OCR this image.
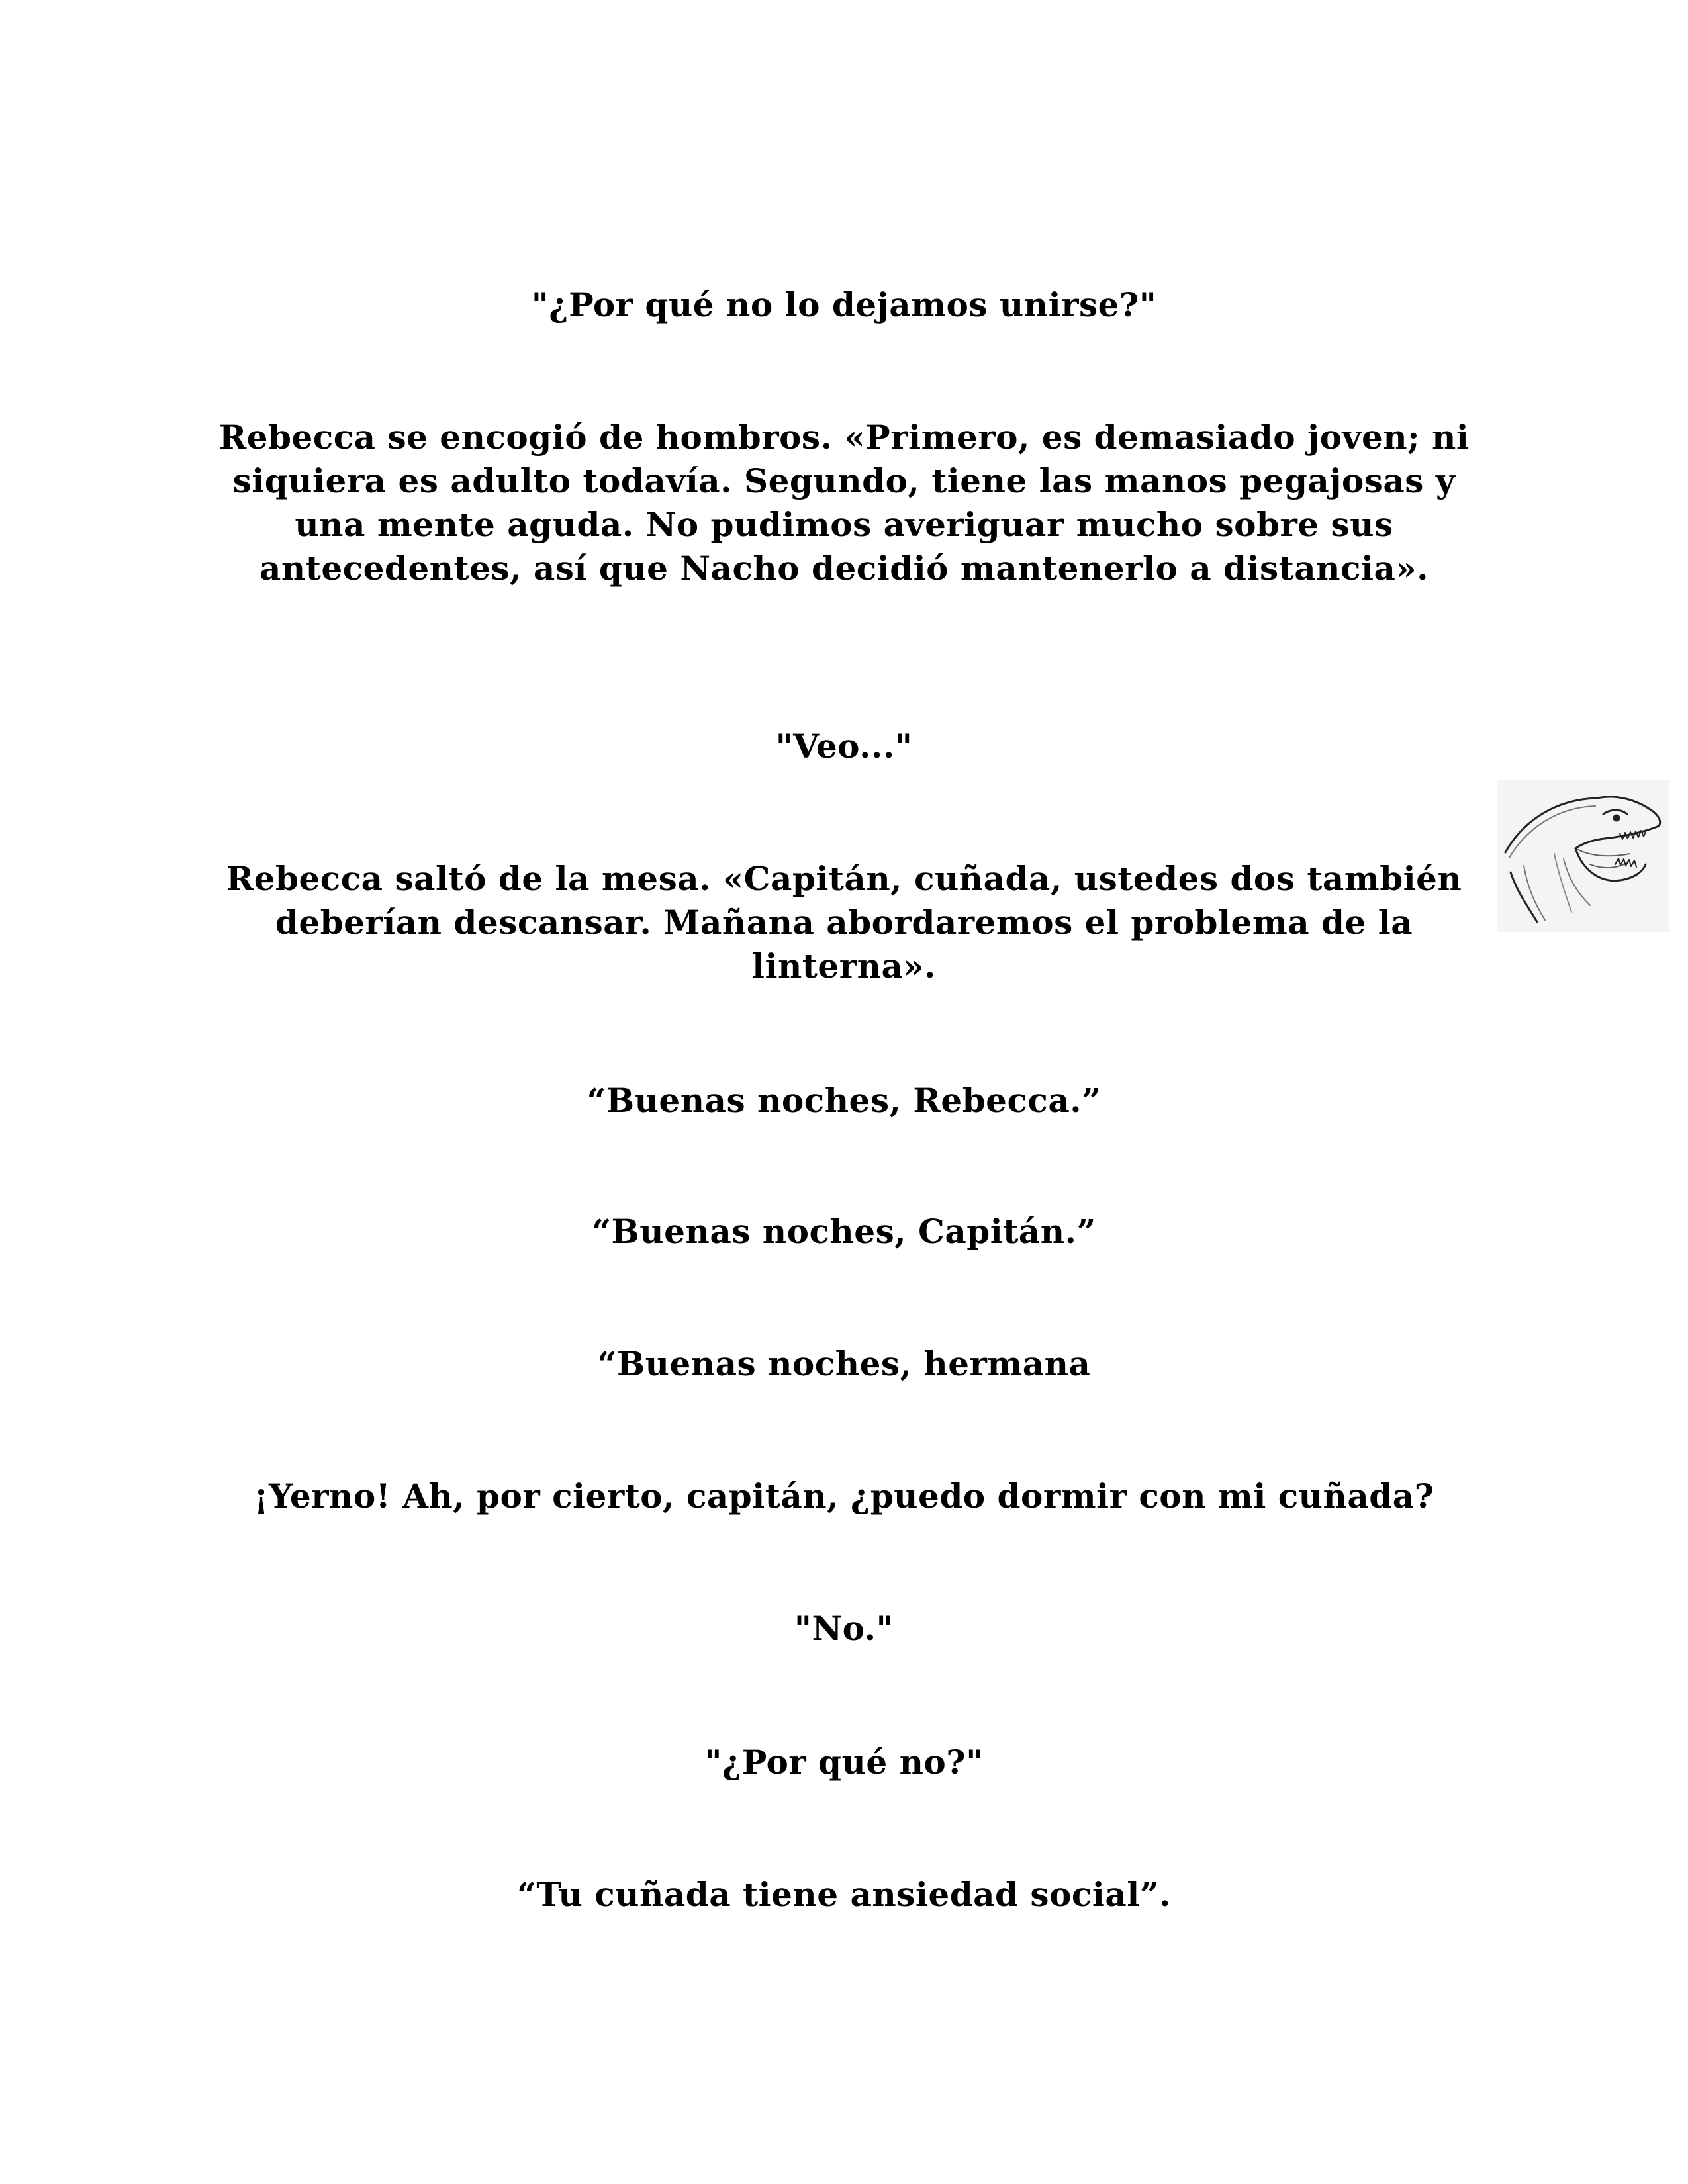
"¿Por qué no lo dejamos unirse?"

Rebecca se encogió de hombros. «Primero, es demasiado joven; ni siquiera es adulto todavía. Segundo, tiene las manos pegajosas y una mente aguda. No pudimos averiguar mucho sobre sus antecedentes, así que Nacho decidió mantenerlo a distancia».

"Veo..."

Rebecca saltó de la mesa. «Capitán, cuñada, ustedes dos también deberían descansar. Mañana abordaremos el problema de la linterna».

“Buenas noches, Rebecca.”

“Buenas noches, Capitán.”

“Buenas noches, hermana

¡Yerno! Ah, por cierto, capitán, ¿puedo dormir con mi cuñada?

"No."

"¿Por qué no?"

“Tu cuñada tiene ansiedad social”.
